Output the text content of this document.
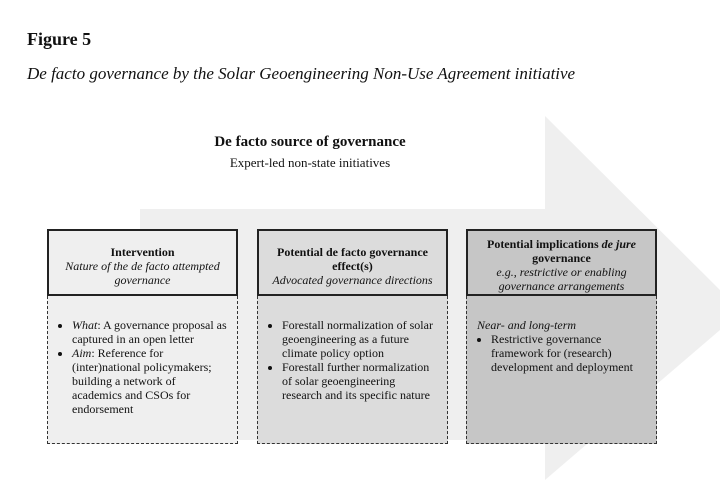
Figure 5
De facto governance by the Solar Geoengineering Non-Use Agreement initiative
De facto source of governance
Expert-led non-state initiatives
Intervention
Nature of the de facto attempted governance
• What: A governance proposal as captured in an open letter
• Aim: Reference for (inter)national policymakers; building a network of academics and CSOs for endorsement
Potential de facto governance effect(s)
Advocated governance directions
• Forestall normalization of solar geoengineering as a future climate policy option
• Forestall further normalization of solar geoengineering research and its specific nature
Potential implications de jure
governance
e.g., restrictive or enabling governance arrangements
Near- and long-term
• Restrictive governance framework for (research) development and deployment
